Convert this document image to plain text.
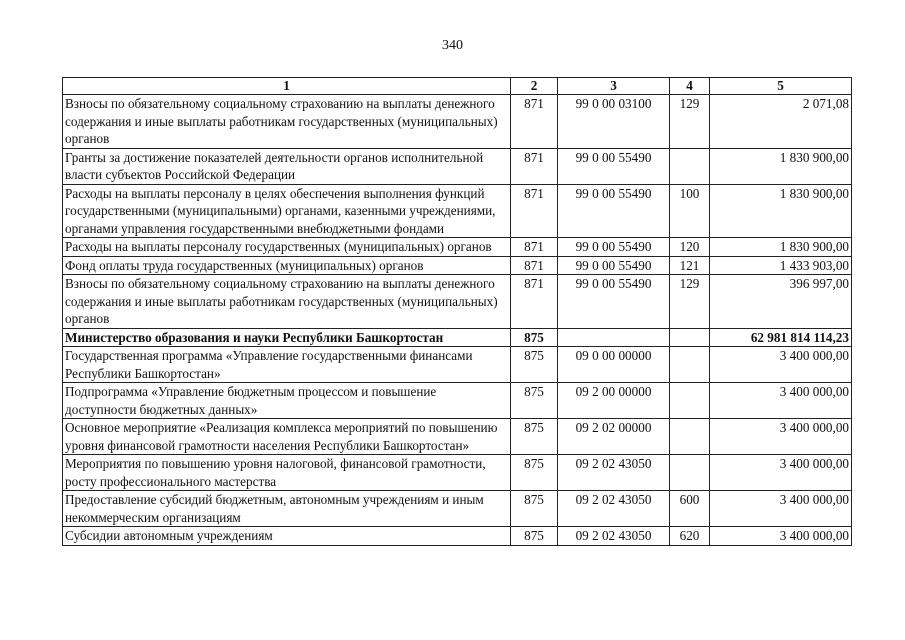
340
1	2	3	4	5
Взносы по обязательному социальному страхованию на выплаты денежного содержания и иные выплаты работникам государственных (муниципальных) органов	871	99 0 00 03100	129	2 071,08
Гранты за достижение показателей деятельности органов исполнительной власти субъектов Российской Федерации	871	99 0 00 55490		1 830 900,00
Расходы на выплаты персоналу в целях обеспечения выполнения функций государственными (муниципальными) органами, казенными учреждениями, органами управления государственными внебюджетными фондами	871	99 0 00 55490	100	1 830 900,00
Расходы на выплаты персоналу государственных (муниципальных) органов	871	99 0 00 55490	120	1 830 900,00
Фонд оплаты труда государственных (муниципальных) органов	871	99 0 00 55490	121	1 433 903,00
Взносы по обязательному социальному страхованию на выплаты денежного содержания и иные выплаты работникам государственных (муниципальных) органов	871	99 0 00 55490	129	396 997,00
Министерство образования и науки Республики Башкортостан	875			62 981 814 114,23
Государственная программа «Управление государственными финансами Республики Башкортостан»	875	09 0 00 00000		3 400 000,00
Подпрограмма «Управление бюджетным процессом и повышение доступности бюджетных данных»	875	09 2 00 00000		3 400 000,00
Основное мероприятие «Реализация комплекса мероприятий по повышению уровня финансовой грамотности населения Республики Башкортостан»	875	09 2 02 00000		3 400 000,00
Мероприятия по повышению уровня налоговой, финансовой грамотности, росту профессионального мастерства	875	09 2 02 43050		3 400 000,00
Предоставление субсидий бюджетным, автономным учреждениям и иным некоммерческим организациям	875	09 2 02 43050	600	3 400 000,00
Субсидии автономным учреждениям	875	09 2 02 43050	620	3 400 000,00
